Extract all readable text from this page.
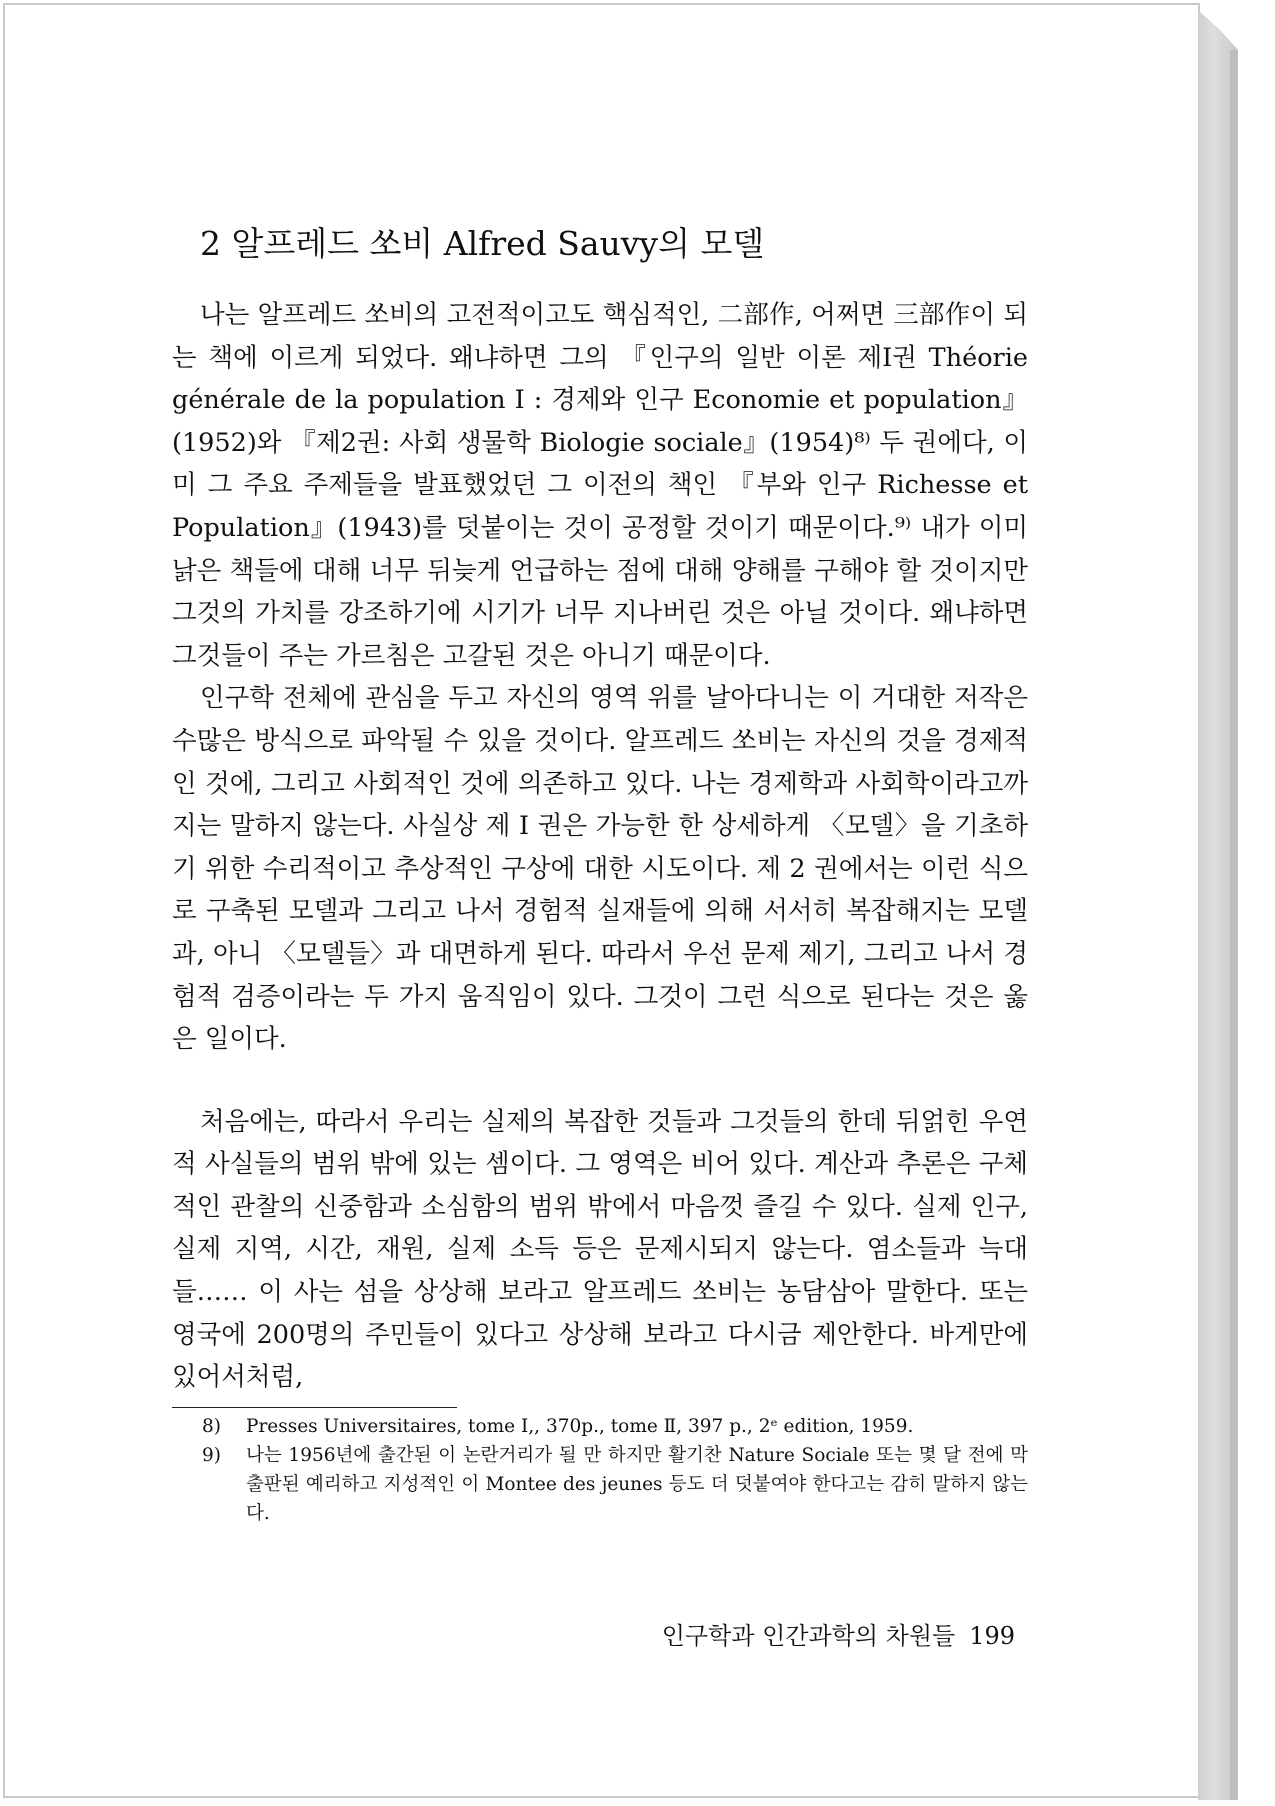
2 알프레드 쏘비 Alfred Sauvy의 모델

나는 알프레드 쏘비의 고전적이고도 핵심적인, 二部作, 어쩌면 三部作이 되는 책에 이르게 되었다. 왜냐하면 그의 『인구의 일반 이론 제I권 Théorie générale de la population I : 경제와 인구 Economie et population』(1952)와 『제2권: 사회 생물학 Biologie sociale』(1954)⁸⁾ 두 권에다, 이미 그 주요 주제들을 발표했었던 그 이전의 책인 『부와 인구 Richesse et Population』(1943)를 덧붙이는 것이 공정할 것이기 때문이다.⁹⁾ 내가 이미 낡은 책들에 대해 너무 뒤늦게 언급하는 점에 대해 양해를 구해야 할 것이지만 그것의 가치를 강조하기에 시기가 너무 지나버린 것은 아닐 것이다. 왜냐하면 그것들이 주는 가르침은 고갈된 것은 아니기 때문이다.

인구학 전체에 관심을 두고 자신의 영역 위를 날아다니는 이 거대한 저작은 수많은 방식으로 파악될 수 있을 것이다. 알프레드 쏘비는 자신의 것을 경제적인 것에, 그리고 사회적인 것에 의존하고 있다. 나는 경제학과 사회학이라고까지는 말하지 않는다. 사실상 제 I 권은 가능한 한 상세하게 〈모델〉을 기초하기 위한 수리적이고 추상적인 구상에 대한 시도이다. 제 2 권에서는 이런 식으로 구축된 모델과 그리고 나서 경험적 실재들에 의해 서서히 복잡해지는 모델과, 아니 〈모델들〉과 대면하게 된다. 따라서 우선 문제 제기, 그리고 나서 경험적 검증이라는 두 가지 움직임이 있다. 그것이 그런 식으로 된다는 것은 옳은 일이다.

처음에는, 따라서 우리는 실제의 복잡한 것들과 그것들의 한데 뒤얽힌 우연적 사실들의 범위 밖에 있는 셈이다. 그 영역은 비어 있다. 계산과 추론은 구체적인 관찰의 신중함과 소심함의 범위 밖에서 마음껏 즐길 수 있다. 실제 인구, 실제 지역, 시간, 재원, 실제 소득 등은 문제시되지 않는다. 염소들과 늑대들…… 이 사는 섬을 상상해 보라고 알프레드 쏘비는 농담삼아 말한다. 또는 영국에 200명의 주민들이 있다고 상상해 보라고 다시금 제안한다. 바게만에 있어서처럼,

8)	Presses Universitaires, tome I,, 370p., tome Ⅱ, 397 p., 2ᵉ edition, 1959.
9)	나는 1956년에 출간된 이 논란거리가 될 만 하지만 활기찬 Nature Sociale 또는 몇 달 전에 막 출판된 예리하고 지성적인 이 Montee des jeunes 등도 더 덧붙여야 한다고는 감히 말하지 않는다.
인구학과 인간과학의 차원들 199
